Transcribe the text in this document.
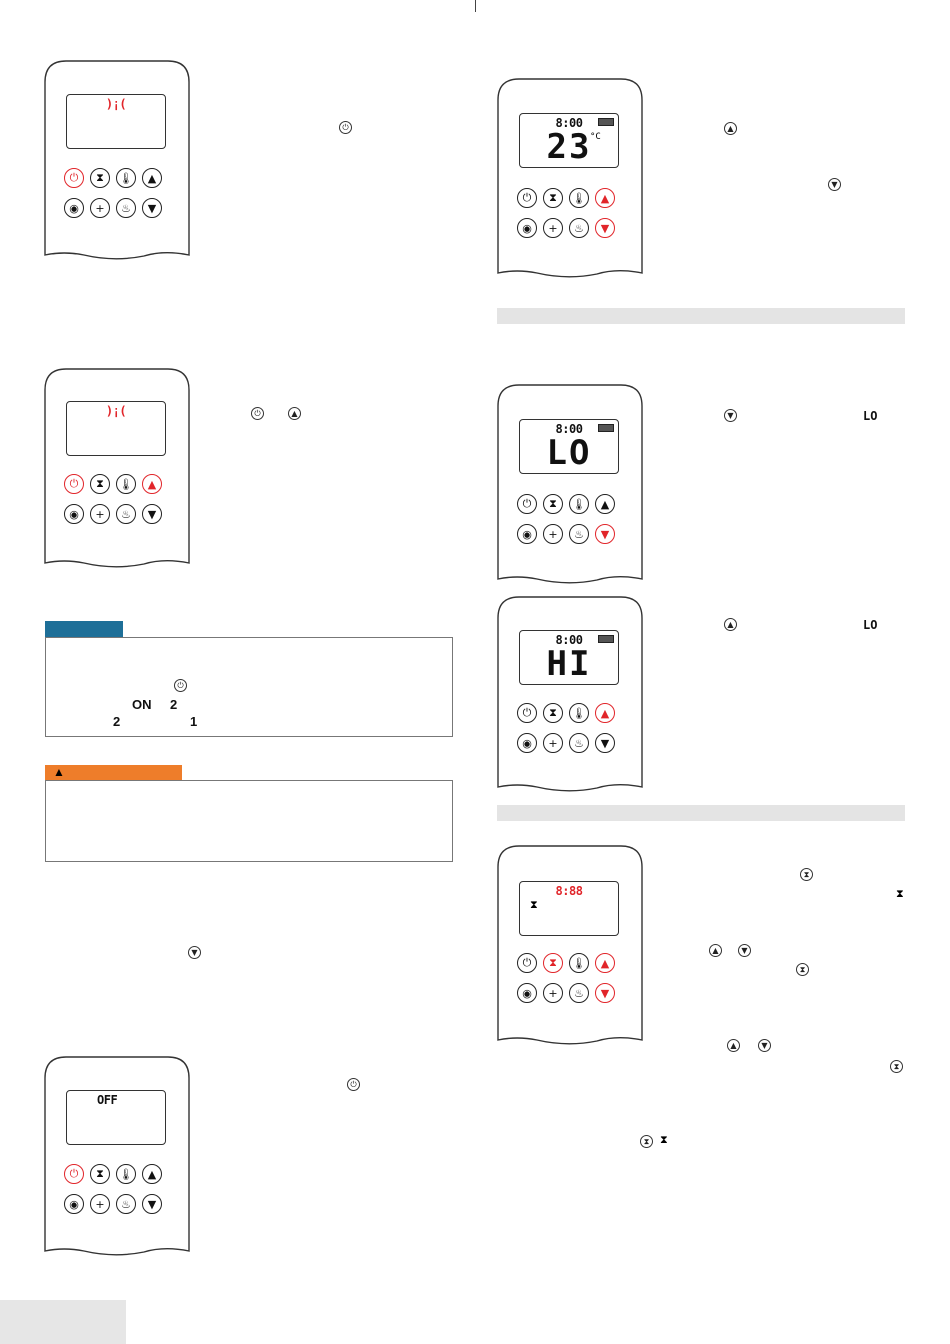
)¡(
⏻	⧗	🌡	▲
◉	+	♨	▼
⏻	8:00
23
°C
⏻	⧗	🌡	▲
◉	+	♨	▼
▲
▼
)¡(
⏻	⧗	🌡	▲
◉	+	♨	▼
⏻	▲
8:00
LO
⏻	⧗	🌡	▲
◉	+	♨	▼
▼	LO
8:00
HI
⏻	⧗	🌡	▲
◉	+	♨	▼
▲	LO
⏻
ON 2
2	1
▲
▼
8:88
⧗
⏻	⧗	🌡	▲
◉	+	♨	▼
⧗
⧗
▲	▼
⧗
▲	▼
⧗
⧗ ⧗
OFF
⏻	⧗	🌡	▲
◉	+	♨	▼
⏻
